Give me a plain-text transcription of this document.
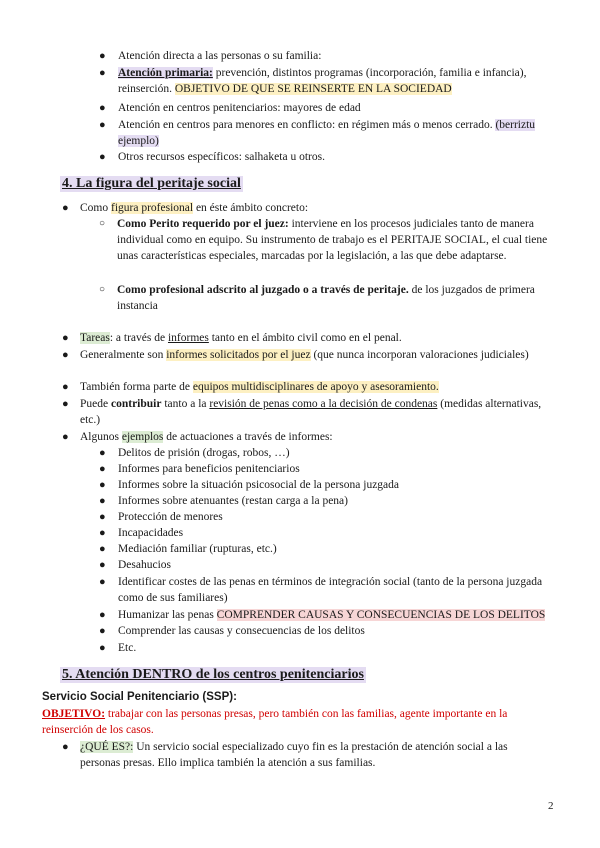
● Atención directa a las personas o su familia:
● Atención primaria: prevención, distintos programas (incorporación, familia e infancia), reinserción. OBJETIVO DE QUE SE REINSERTE EN LA SOCIEDAD
● Atención en centros penitenciarios: mayores de edad
● Atención en centros para menores en conflicto: en régimen más o menos cerrado. (berriztu ejemplo)
● Otros recursos específicos: salhaketa u otros.
4. La figura del peritaje social
● Como figura profesional en éste ámbito concreto:
○ Como Perito requerido por el juez: interviene en los procesos judiciales tanto de manera individual como en equipo. Su instrumento de trabajo es el PERITAJE SOCIAL, el cual tiene unas características especiales, marcadas por la legislación, a las que debe adaptarse.
○ Como profesional adscrito al juzgado o a través de peritaje. de los juzgados de primera instancia
● Tareas: a través de informes tanto en el ámbito civil como en el penal.
● Generalmente son informes solicitados por el juez (que nunca incorporan valoraciones judiciales)
● También forma parte de equipos multidisciplinares de apoyo y asesoramiento.
● Puede contribuir tanto a la revisión de penas como a la decisión de condenas (medidas alternativas, etc.)
● Algunos ejemplos de actuaciones a través de informes:
● Delitos de prisión (drogas, robos, …)
● Informes para beneficios penitenciarios
● Informes sobre la situación psicosocial de la persona juzgada
● Informes sobre atenuantes (restan carga a la pena)
● Protección de menores
● Incapacidades
● Mediación familiar (rupturas, etc.)
● Desahucios
● Identificar costes de las penas en términos de integración social (tanto de la persona juzgada como de sus familiares)
● Humanizar las penas COMPRENDER CAUSAS Y CONSECUENCIAS DE LOS DELITOS
● Comprender las causas y consecuencias de los delitos
● Etc.
5. Atención DENTRO de los centros penitenciarios
Servicio Social Penitenciario (SSP):
OBJETIVO: trabajar con las personas presas, pero también con las familias, agente importante en la reinserción de los casos.
● ¿QUÉ ES?: Un servicio social especializado cuyo fin es la prestación de atención social a las personas presas. Ello implica también la atención a sus familias.
2
